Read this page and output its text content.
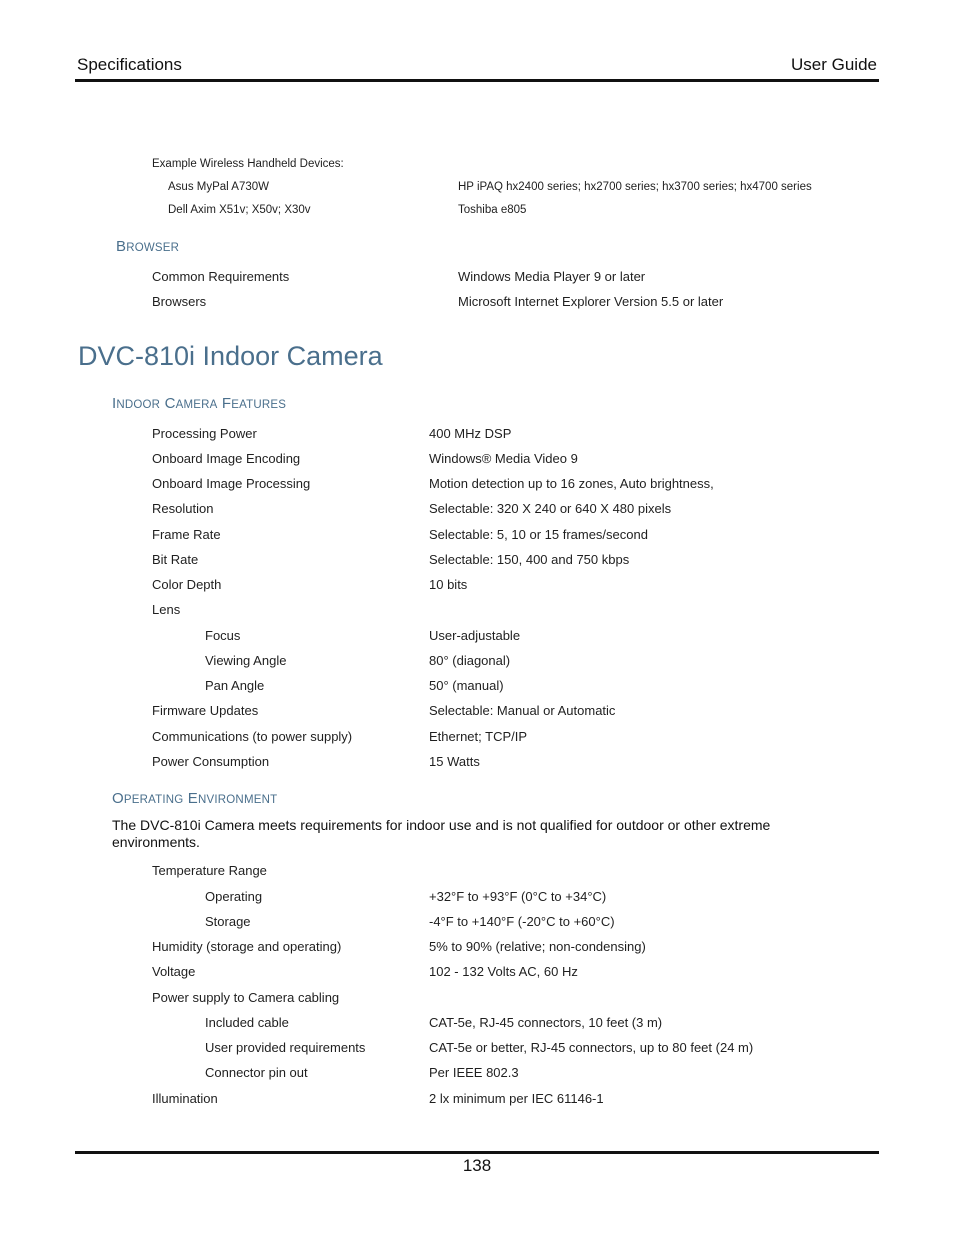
Specifications	User Guide
Example Wireless Handheld Devices:
Asus MyPal A730W	HP iPAQ hx2400 series; hx2700 series; hx3700 series; hx4700 series
Dell Axim X51v; X50v; X30v	Toshiba e805
BROWSER
Common Requirements	Windows Media Player 9 or later
Browsers	Microsoft Internet Explorer Version 5.5 or later
DVC-810i Indoor Camera
INDOOR CAMERA FEATURES
Processing Power	400 MHz DSP
Onboard Image Encoding	Windows® Media Video 9
Onboard Image Processing	Motion detection up to 16 zones, Auto brightness,
Resolution	Selectable: 320 X 240 or 640 X 480 pixels
Frame Rate	Selectable: 5, 10 or 15 frames/second
Bit Rate	Selectable: 150, 400 and 750 kbps
Color Depth	10 bits
Lens
Focus	User-adjustable
Viewing Angle	80° (diagonal)
Pan Angle	50° (manual)
Firmware Updates	Selectable: Manual or Automatic
Communications (to power supply)	Ethernet; TCP/IP
Power Consumption	15 Watts
OPERATING ENVIRONMENT
The DVC-810i Camera meets requirements for indoor use and is not qualified for outdoor or other extreme environments.
Temperature Range
Operating	+32°F to +93°F (0°C to +34°C)
Storage	-4°F to +140°F (-20°C to +60°C)
Humidity (storage and operating)	5% to 90% (relative; non-condensing)
Voltage	102 - 132 Volts AC, 60 Hz
Power supply to Camera cabling
Included cable	CAT-5e, RJ-45 connectors, 10 feet (3 m)
User provided requirements	CAT-5e or better, RJ-45 connectors, up to 80 feet (24 m)
Connector pin out	Per IEEE 802.3
Illumination	2 lx minimum per IEC 61146-1
138
